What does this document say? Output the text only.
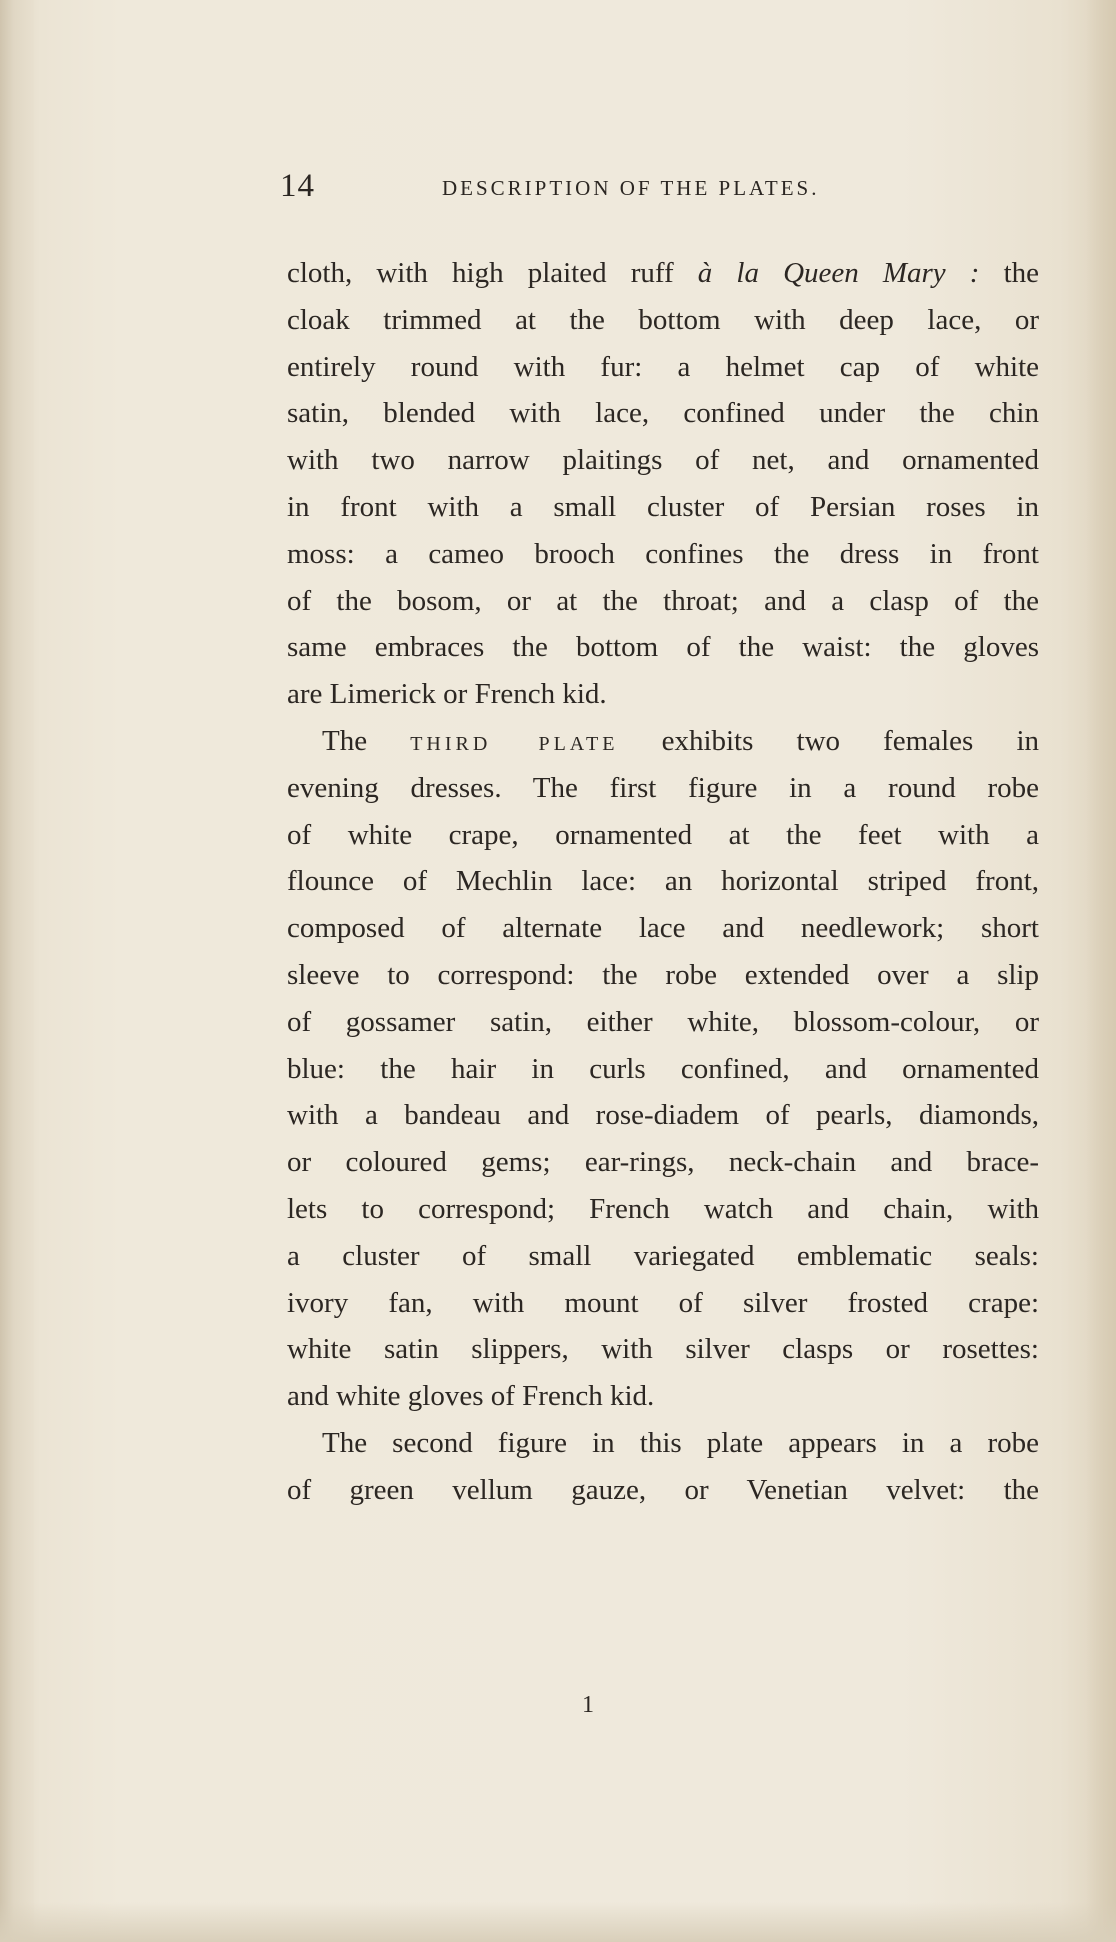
14	DESCRIPTION OF THE PLATES.
cloth, with high plaited ruff à la Queen Mary : the
cloak trimmed at the bottom with deep lace, or
entirely round with fur: a helmet cap of white
satin, blended with lace, confined under the chin
with two narrow plaitings of net, and ornamented
in front with a small cluster of Persian roses in
moss: a cameo brooch confines the dress in front
of the bosom, or at the throat; and a clasp of the
same embraces the bottom of the waist: the gloves
are Limerick or French kid.
The third plate exhibits two females in
evening dresses. The first figure in a round robe
of white crape, ornamented at the feet with a
flounce of Mechlin lace: an horizontal striped front,
composed of alternate lace and needlework; short
sleeve to correspond: the robe extended over a slip
of gossamer satin, either white, blossom-colour, or
blue: the hair in curls confined, and ornamented
with a bandeau and rose-diadem of pearls, diamonds,
or coloured gems; ear-rings, neck-chain and brace-
lets to correspond; French watch and chain, with
a cluster of small variegated emblematic seals:
ivory fan, with mount of silver frosted crape:
white satin slippers, with silver clasps or rosettes:
and white gloves of French kid.
The second figure in this plate appears in a robe
of green vellum gauze, or Venetian velvet: the
1
